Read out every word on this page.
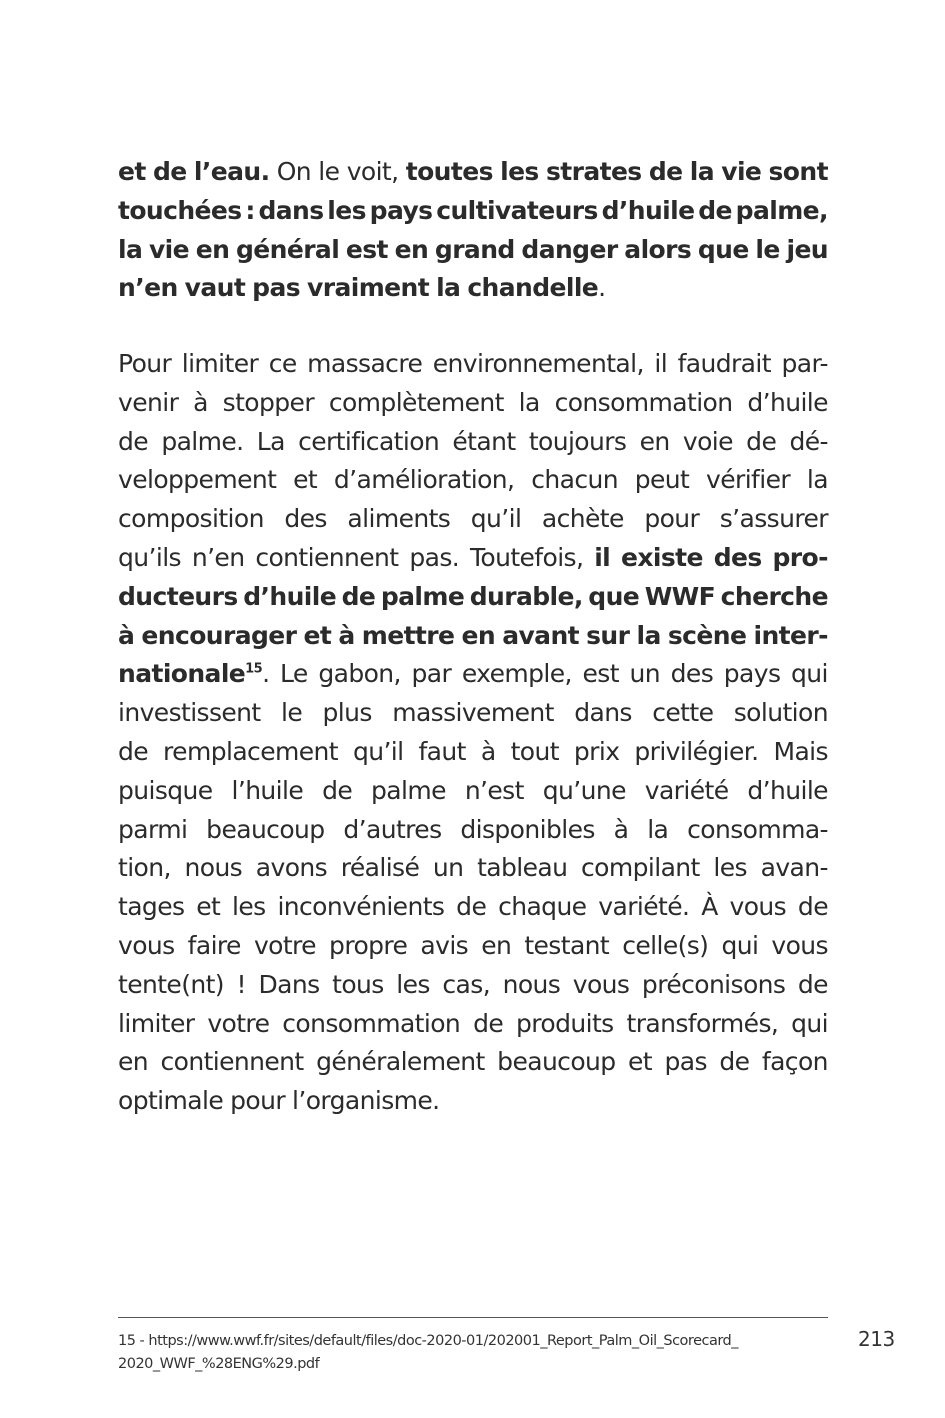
et de l’eau. On le voit, toutes les strates de la vie sont
touchées : dans les pays cultivateurs d’huile de palme,
la vie en général est en grand danger alors que le jeu
n’en vaut pas vraiment la chandelle.
Pour limiter ce massacre environnemental, il faudrait par-
venir à stopper complètement la consommation d’huile
de palme. La certification étant toujours en voie de dé-
veloppement et d’amélioration, chacun peut vérifier la
composition des aliments qu’il achète pour s’assurer
qu’ils n’en contiennent pas. Toutefois, il existe des pro-
ducteurs d’huile de palme durable, que WWF cherche
à encourager et à mettre en avant sur la scène inter-
nationale$^{15}$. Le gabon, par exemple, est un des pays qui
investissent le plus massivement dans cette solution
de remplacement qu’il faut à tout prix privilégier. Mais
puisque l’huile de palme n’est qu’une variété d’huile
parmi beaucoup d’autres disponibles à la consomma-
tion, nous avons réalisé un tableau compilant les avan-
tages et les inconvénients de chaque variété. À vous de
vous faire votre propre avis en testant celle(s) qui vous
tente(nt) ! Dans tous les cas, nous vous préconisons de
limiter votre consommation de produits transformés, qui
en contiennent généralement beaucoup et pas de façon
optimale pour l’organisme.
15 - https://www.wwf.fr/sites/default/files/doc-2020-01/202001_Report_Palm_Oil_Scorecard_
2020_WWF_%28ENG%29.pdf
213
